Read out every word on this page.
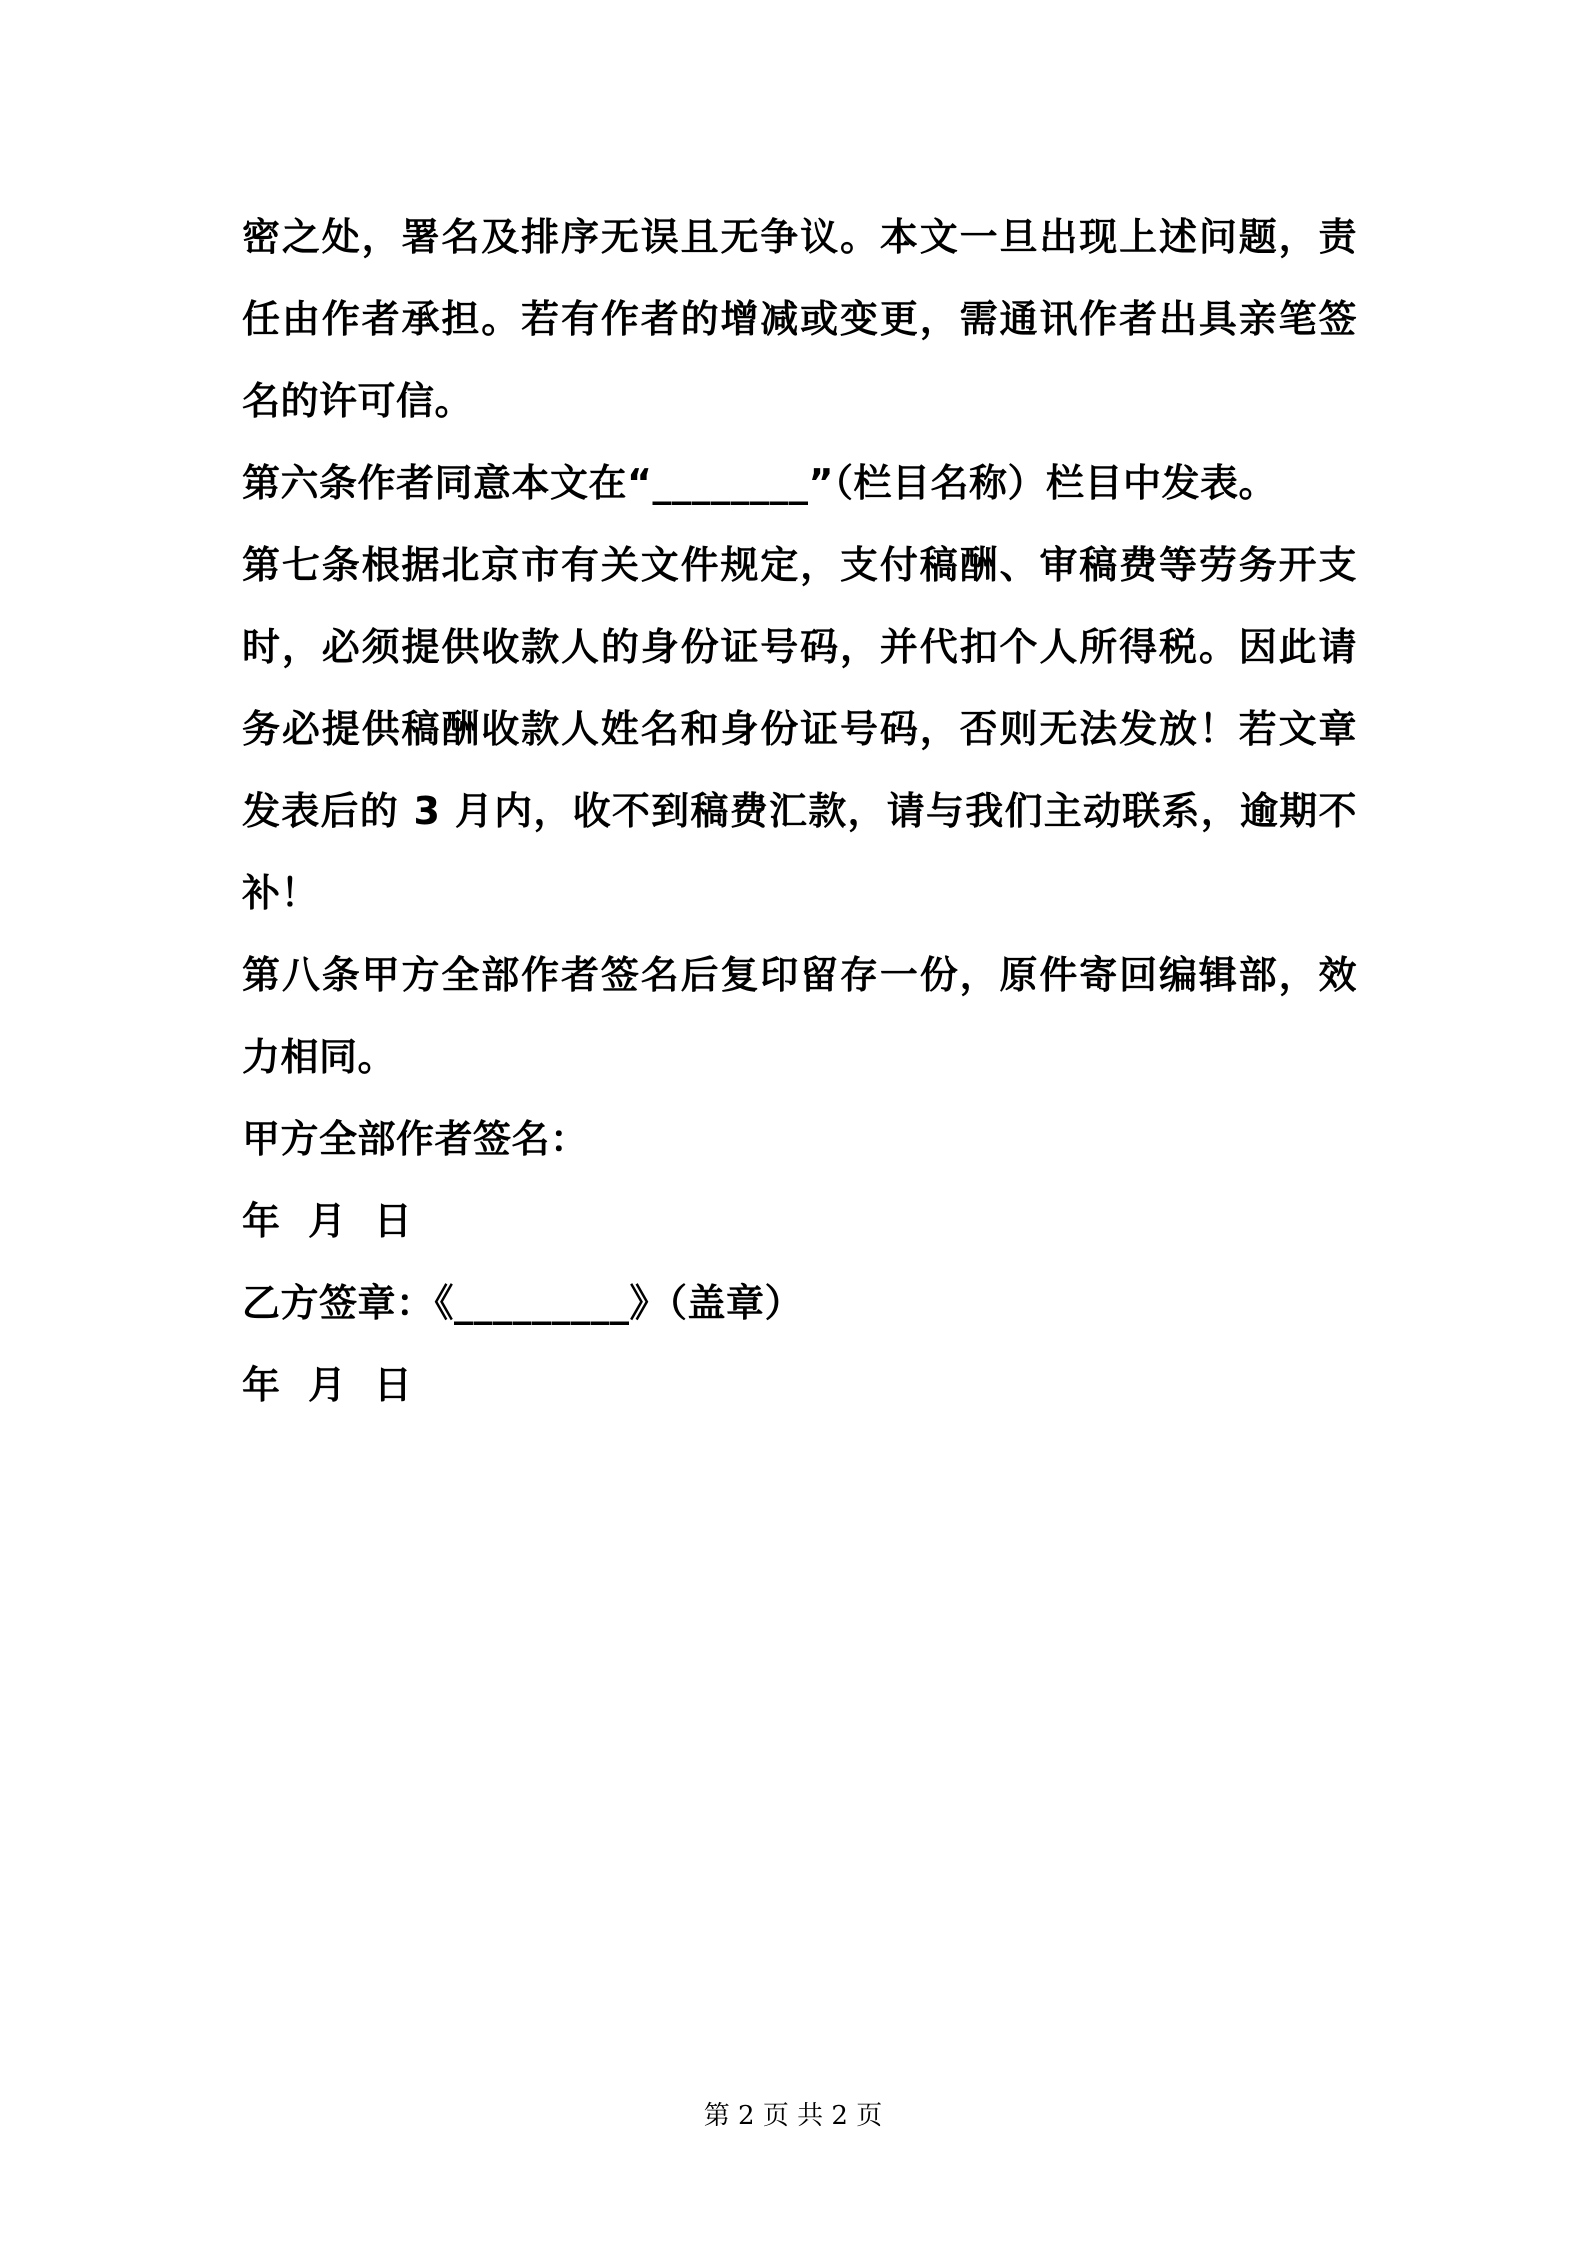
密之处，署名及排序无误且无争议。本文一旦出现上述问题，责任由作者承担。若有作者的增减或变更，需通讯作者出具亲笔签名的许可信。

第六条作者同意本文在“________”（栏目名称）栏目中发表。

第七条根据北京市有关文件规定，支付稿酬、审稿费等劳务开支时，必须提供收款人的身份证号码，并代扣个人所得税。因此请务必提供稿酬收款人姓名和身份证号码，否则无法发放！若文章发表后的 3 月内，收不到稿费汇款，请与我们主动联系，逾期不补！

第八条甲方全部作者签名后复印留存一份，原件寄回编辑部，效力相同。

甲方全部作者签名：

年  月  日

乙方签章：《_________》（盖章）

年  月  日

第 2 页 共 2 页
